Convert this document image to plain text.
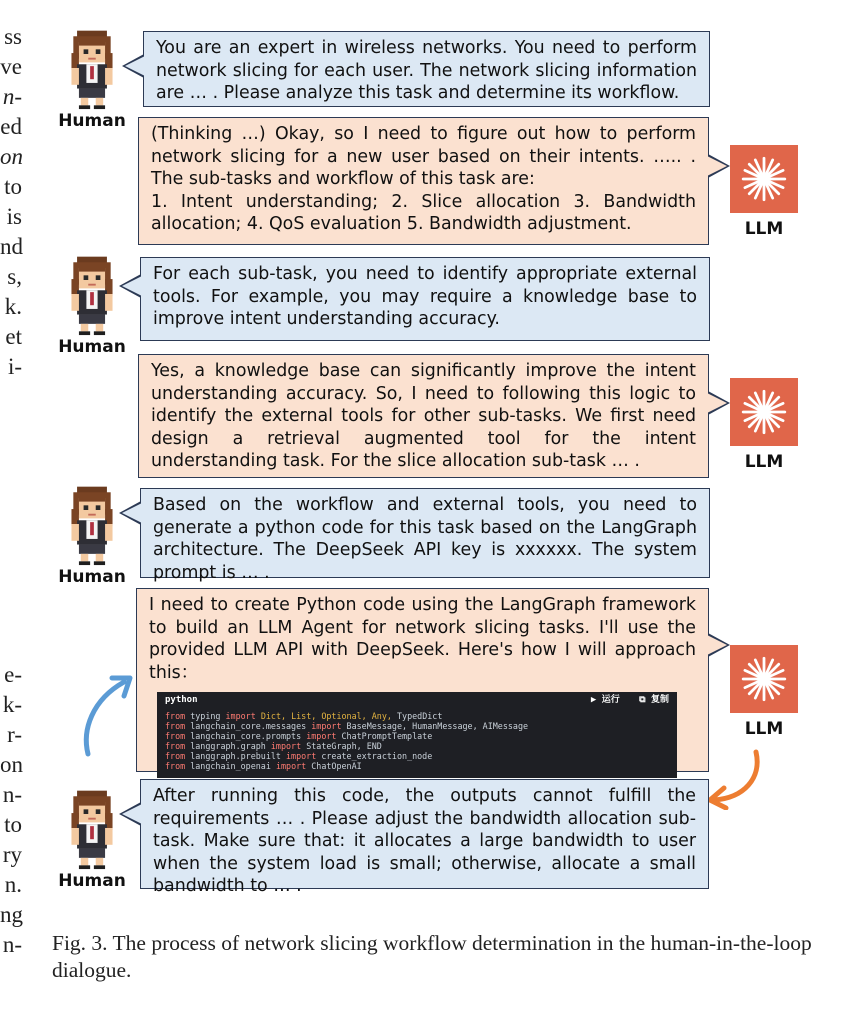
ss
ve
n-
ed
on
to
is
nd
s,
k.
et
i-
e-
k-
r-
on
n-
to
ry
n.
ng
n-
Human
You are an expert in wireless networks. You need to perform network slicing for each user. The network slicing information are … . Please analyze this task and determine its workflow.
(Thinking …) Okay, so I need to figure out how to perform network slicing for a new user based on their intents. ….. . The sub-tasks and workflow of this task are:
1. Intent understanding; 2. Slice allocation 3. Bandwidth allocation; 4. QoS evaluation 5. Bandwidth adjustment.	LLM
Human
For each sub-task, you need to identify appropriate external tools. For example, you may require a knowledge base to improve intent understanding accuracy.
Yes, a knowledge base can significantly improve the intent understanding accuracy. So, I need to following this logic to identify the external tools for other sub-tasks. We first need design a retrieval augmented tool for the intent understanding task. For the slice allocation sub-task … .	LLM
Human
Based on the workflow and external tools, you need to generate a python code for this task based on the LangGraph architecture. The DeepSeek API key is xxxxxx. The system prompt is … .
I need to create Python code using the LangGraph framework to build an LLM Agent for network slicing tasks. I'll use the provided LLM API with DeepSeek. Here's how I will approach this：
python	▶ 运行 ⧉ 复制
from typing import Dict, List, Optional, Any, TypedDict
from langchain_core.messages import BaseMessage, HumanMessage, AIMessage
from langchain_core.prompts import ChatPromptTemplate
from langgraph.graph import StateGraph, END
from langgraph.prebuilt import create_extraction_node
from langchain_openai import ChatOpenAI
LLM
Human
After running this code, the outputs cannot fulfill the requirements … . Please adjust the bandwidth allocation sub-task. Make sure that: it allocates a large bandwidth to user when the system load is small; otherwise, allocate a small bandwidth to … .
Fig. 3. The process of network slicing workflow determination in the human-in-the-loop dialogue.
